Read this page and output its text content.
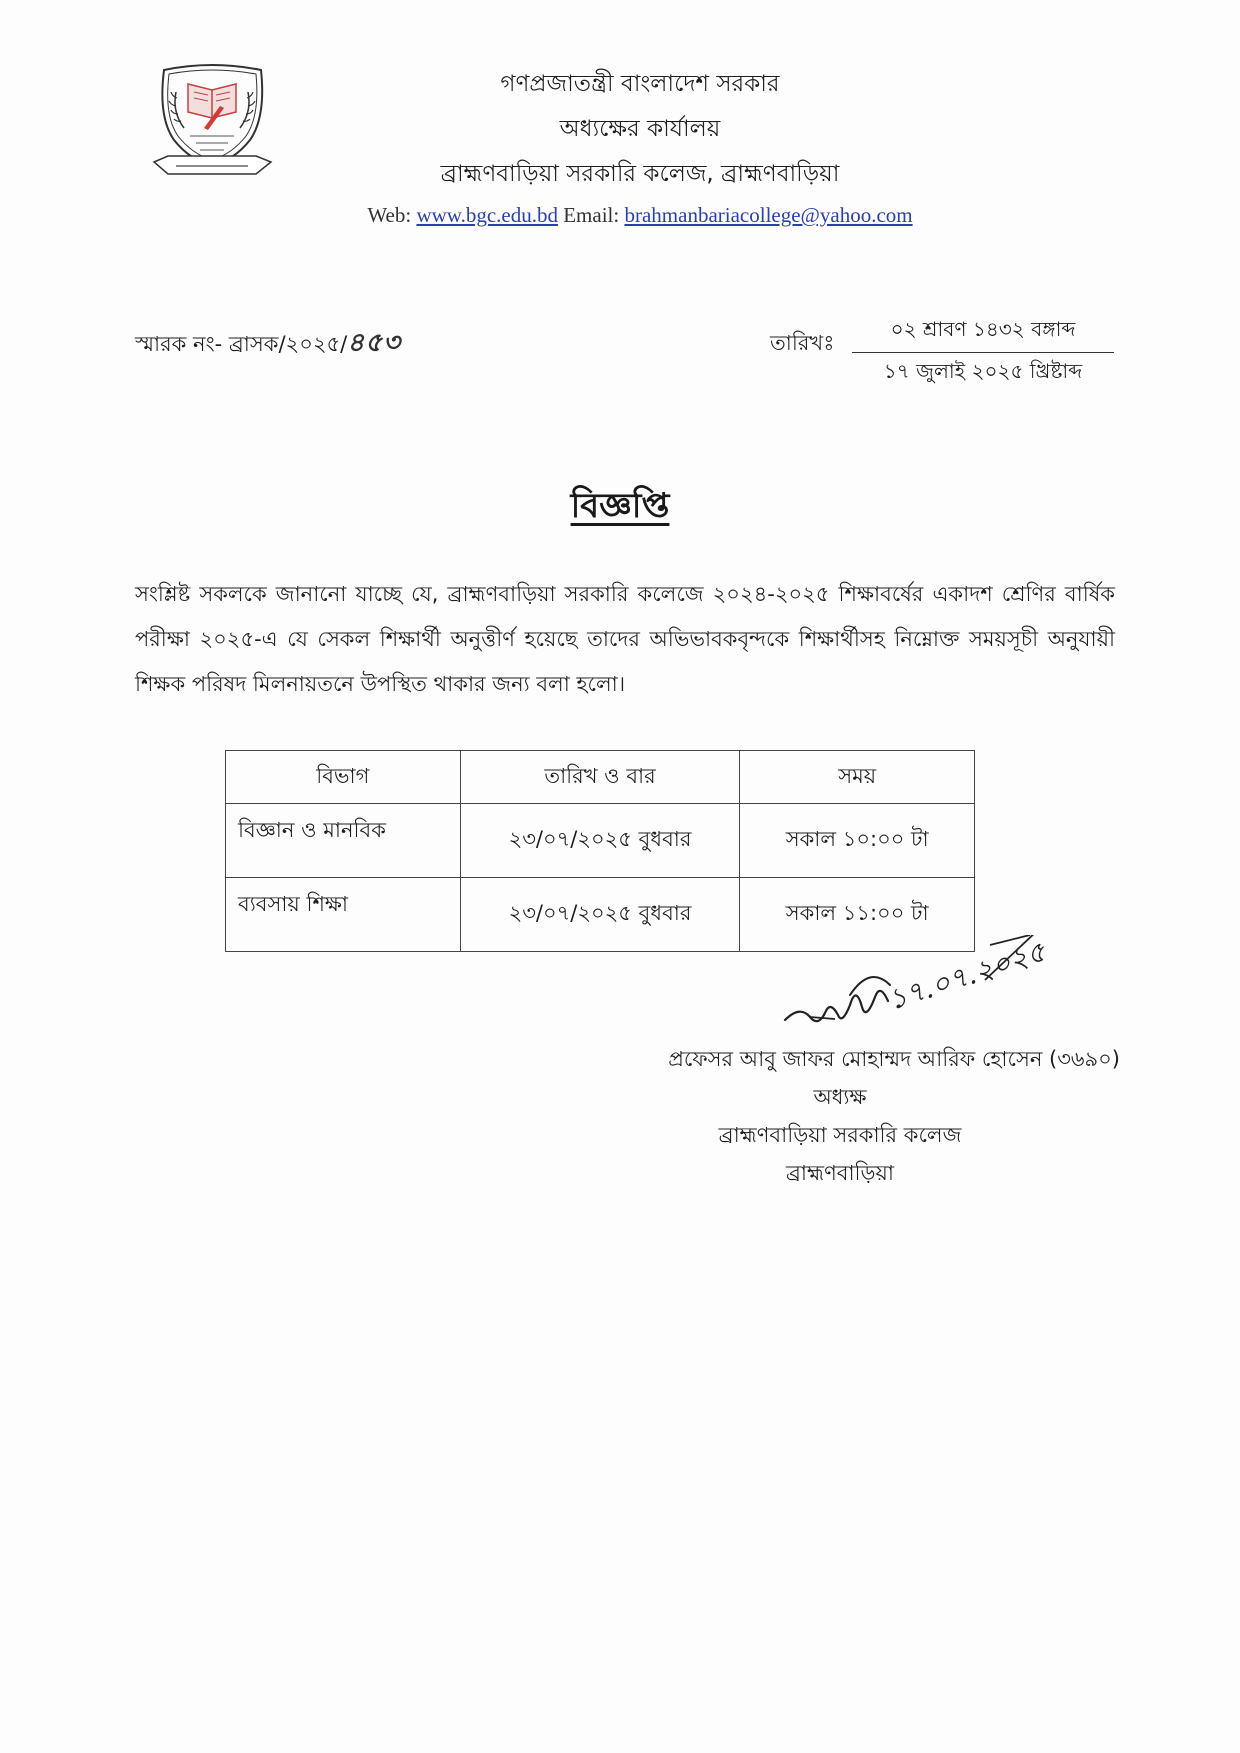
গণপ্রজাতন্ত্রী বাংলাদেশ সরকার
অধ্যক্ষের কার্যালয়
ব্রাহ্মণবাড়িয়া সরকারি কলেজ, ব্রাহ্মণবাড়িয়া
Web: www.bgc.edu.bd Email: brahmanbariacollege@yahoo.com
স্মারক নং- ব্রাসক/২০২৫/৪৫৩	তারিখঃ
০২ শ্রাবণ ১৪৩২ বঙ্গাব্দ
১৭ জুলাই ২০২৫ খ্রিষ্টাব্দ
বিজ্ঞপ্তি
সংশ্লিষ্ট সকলকে জানানো যাচ্ছে যে, ব্রাহ্মণবাড়িয়া সরকারি কলেজে ২০২৪-২০২৫ শিক্ষাবর্ষের একাদশ শ্রেণির বার্ষিক পরীক্ষা ২০২৫-এ যে সেকল শিক্ষার্থী অনুত্তীর্ণ হয়েছে তাদের অভিভাবকবৃন্দকে শিক্ষার্থীসহ নিম্নোক্ত সময়সূচী অনুযায়ী শিক্ষক পরিষদ মিলনায়তনে উপস্থিত থাকার জন্য বলা হলো।
বিভাগ	তারিখ ও বার	সময়
বিজ্ঞান ও মানবিক	২৩/০৭/২০২৫ বুধবার	সকাল ১০:০০ টা
ব্যবসায় শিক্ষা	২৩/০৭/২০২৫ বুধবার	সকাল ১১:০০ টা
১৭.০৭.২০২৫
প্রফেসর আবু জাফর মোহাম্মদ আরিফ হোসেন (৩৬৯০)
অধ্যক্ষ
ব্রাহ্মণবাড়িয়া সরকারি কলেজ
ব্রাহ্মণবাড়িয়া
